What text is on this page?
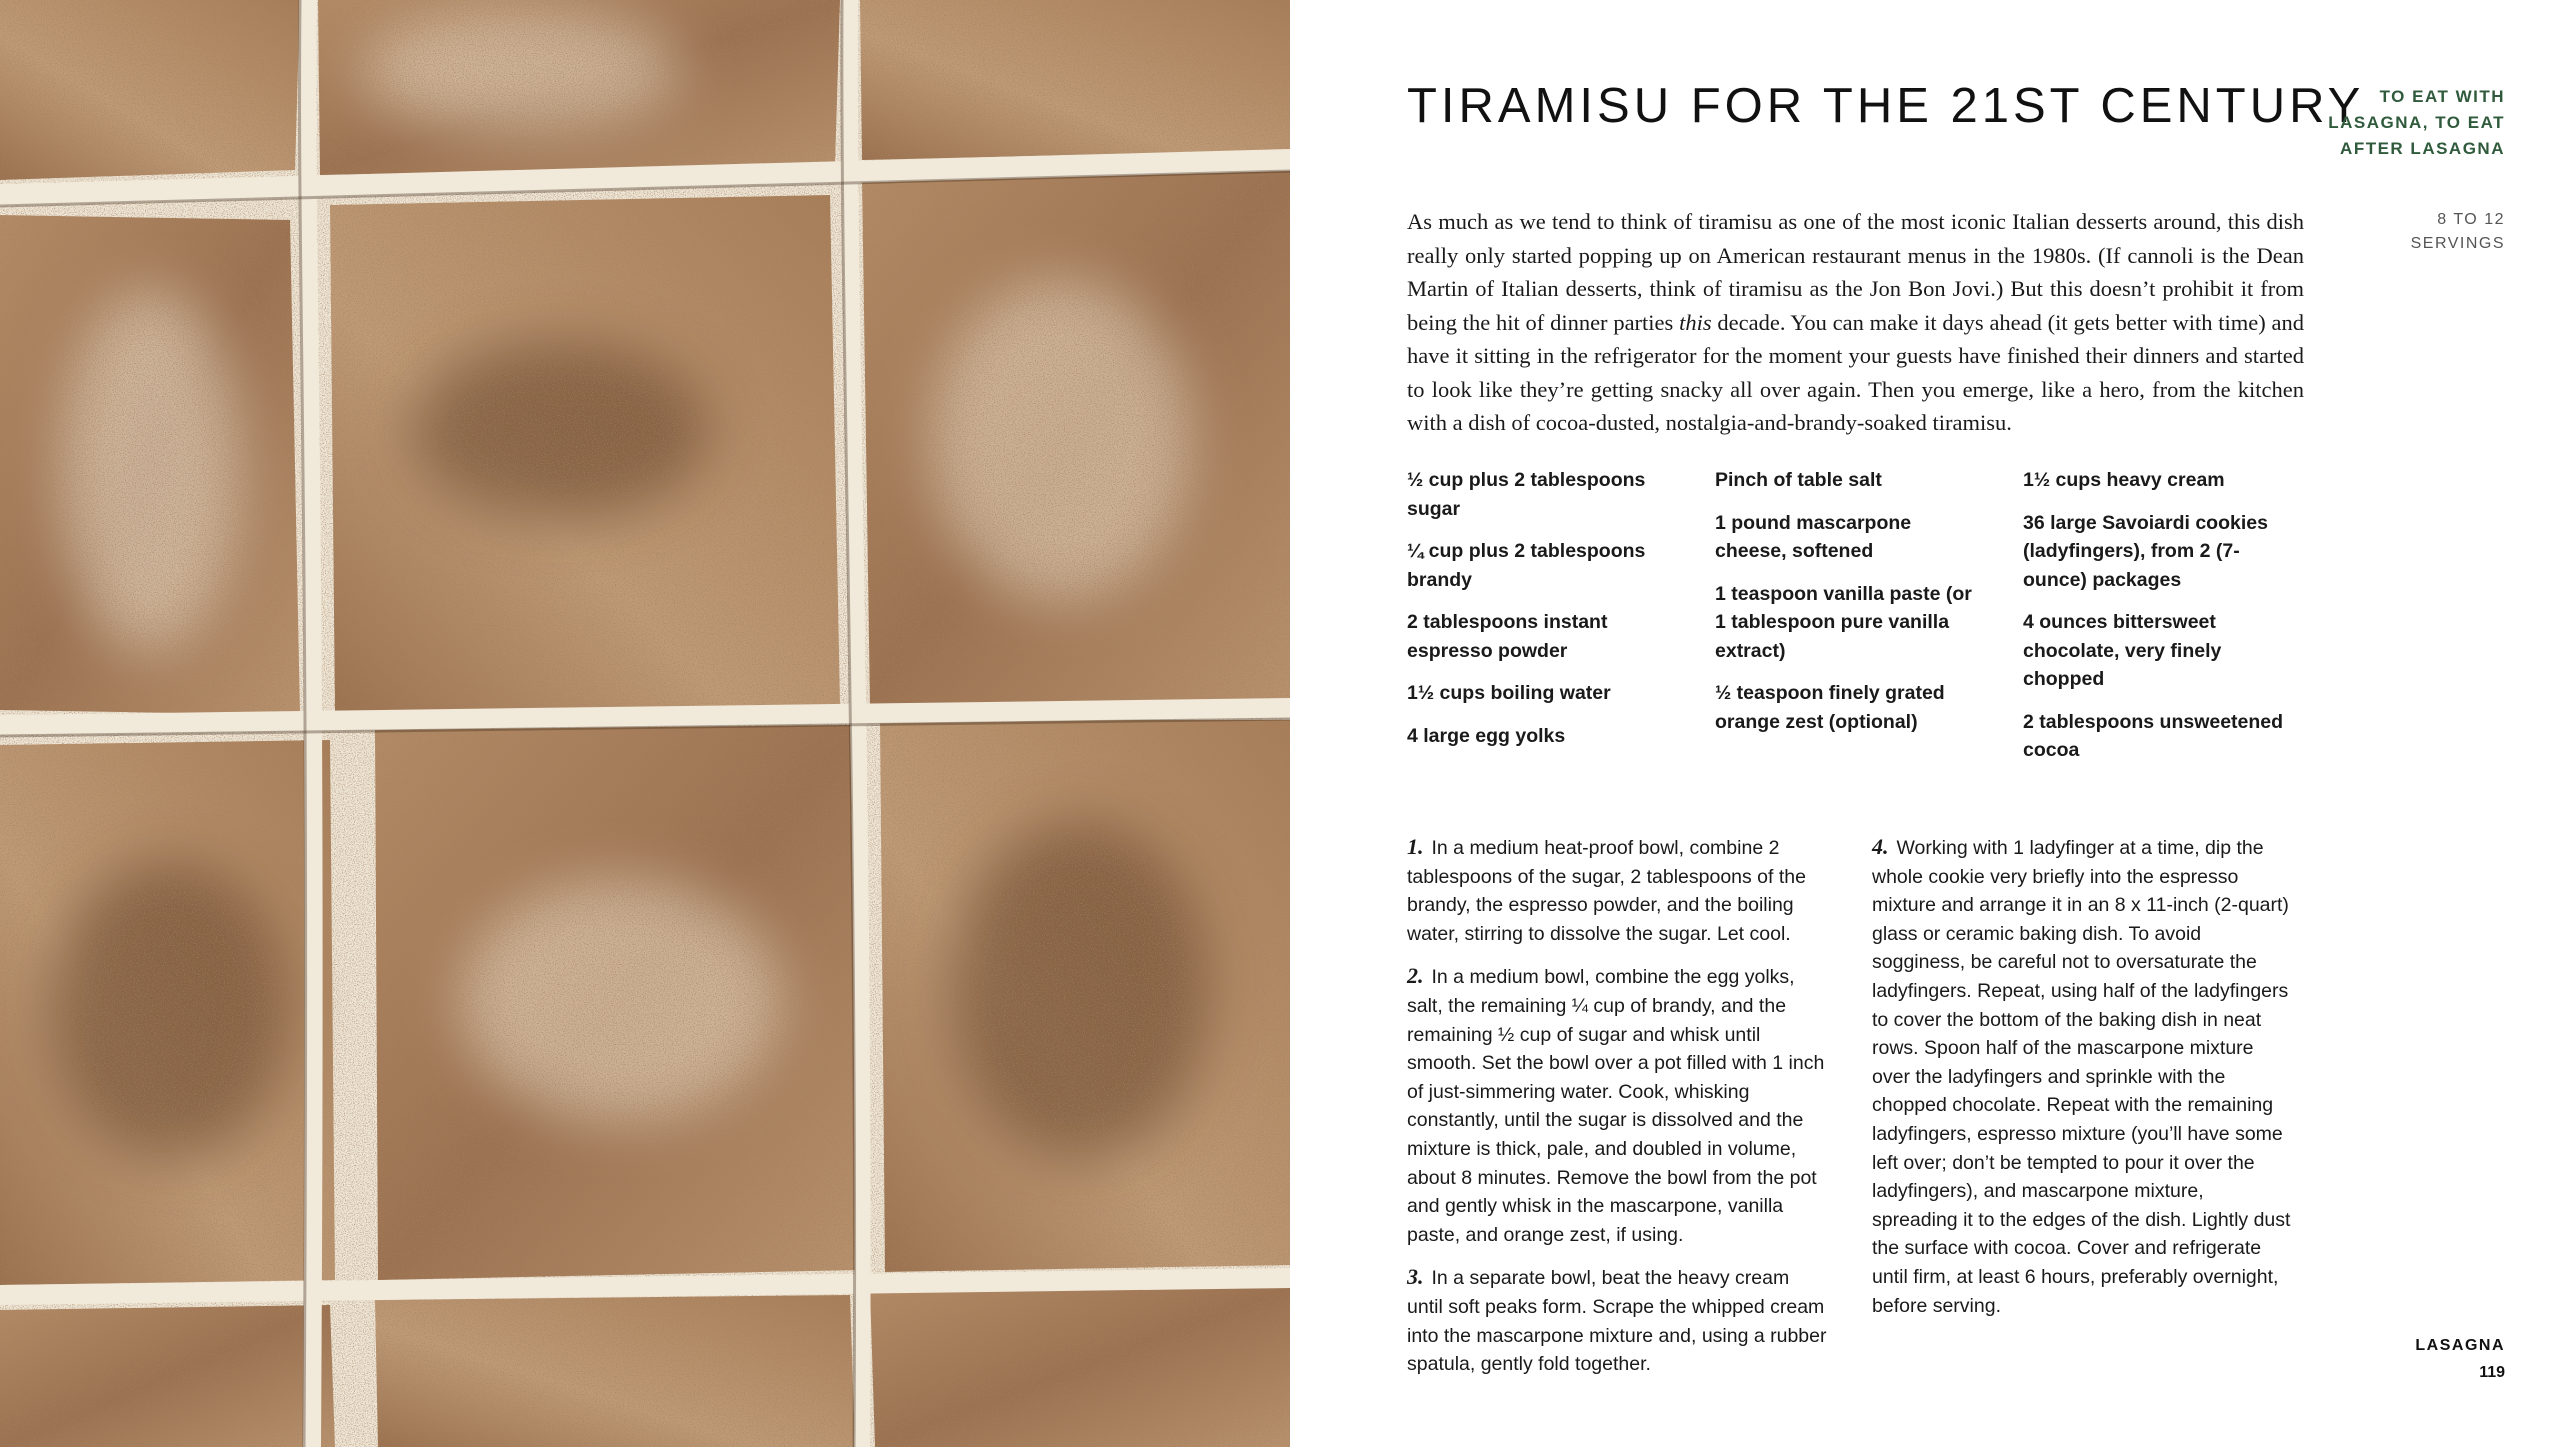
TIRAMISU FOR THE 21ST CENTURY TO EAT WITH LASAGNA, TO EAT AFTER LASAGNA
8 TO 12 SERVINGS

As much as we tend to think of tiramisu as one of the most iconic Italian desserts around, this dish really only started popping up on American restaurant menus in the 1980s. (If cannoli is the Dean Martin of Italian desserts, think of tiramisu as the Jon Bon Jovi.) But this doesn’t prohibit it from being the hit of dinner parties this decade. You can make it days ahead (it gets better with time) and have it sitting in the refrigerator for the moment your guests have finished their dinners and started to look like they’re getting snacky all over again. Then you emerge, like a hero, from the kitchen with a dish of cocoa-dusted, nostalgia-and-brandy-soaked tiramisu.

½ cup plus 2 tablespoons sugar
¼ cup plus 2 tablespoons brandy
2 tablespoons instant espresso powder
1½ cups boiling water
4 large egg yolks
Pinch of table salt
1 pound mascarpone cheese, softened
1 teaspoon vanilla paste (or 1 tablespoon pure vanilla extract)
½ teaspoon finely grated orange zest (optional)
1½ cups heavy cream
36 large Savoiardi cookies (ladyfingers), from 2 (7-ounce) packages
4 ounces bittersweet chocolate, very finely chopped
2 tablespoons unsweetened cocoa

1. In a medium heat-proof bowl, combine 2 tablespoons of the sugar, 2 tablespoons of the brandy, the espresso powder, and the boiling water, stirring to dissolve the sugar. Let cool.

2. In a medium bowl, combine the egg yolks, salt, the remaining ¼ cup of brandy, and the remaining ½ cup of sugar and whisk until smooth. Set the bowl over a pot filled with 1 inch of just-simmering water. Cook, whisking constantly, until the sugar is dissolved and the mixture is thick, pale, and doubled in volume, about 8 minutes. Remove the bowl from the pot and gently whisk in the mascarpone, vanilla paste, and orange zest, if using.

3. In a separate bowl, beat the heavy cream until soft peaks form. Scrape the whipped cream into the mascarpone mixture and, using a rubber spatula, gently fold together.

4. Working with 1 ladyfinger at a time, dip the whole cookie very briefly into the espresso mixture and arrange it in an 8 x 11-inch (2-quart) glass or ceramic baking dish. To avoid sogginess, be careful not to oversaturate the ladyfingers. Repeat, using half of the ladyfingers to cover the bottom of the baking dish in neat rows. Spoon half of the mascarpone mixture over the ladyfingers and sprinkle with the chopped chocolate. Repeat with the remaining ladyfingers, espresso mixture (you’ll have some left over; don’t be tempted to pour it over the ladyfingers), and mascarpone mixture, spreading it to the edges of the dish. Lightly dust the surface with cocoa. Cover and refrigerate until firm, at least 6 hours, preferably overnight, before serving.

LASAGNA
119
